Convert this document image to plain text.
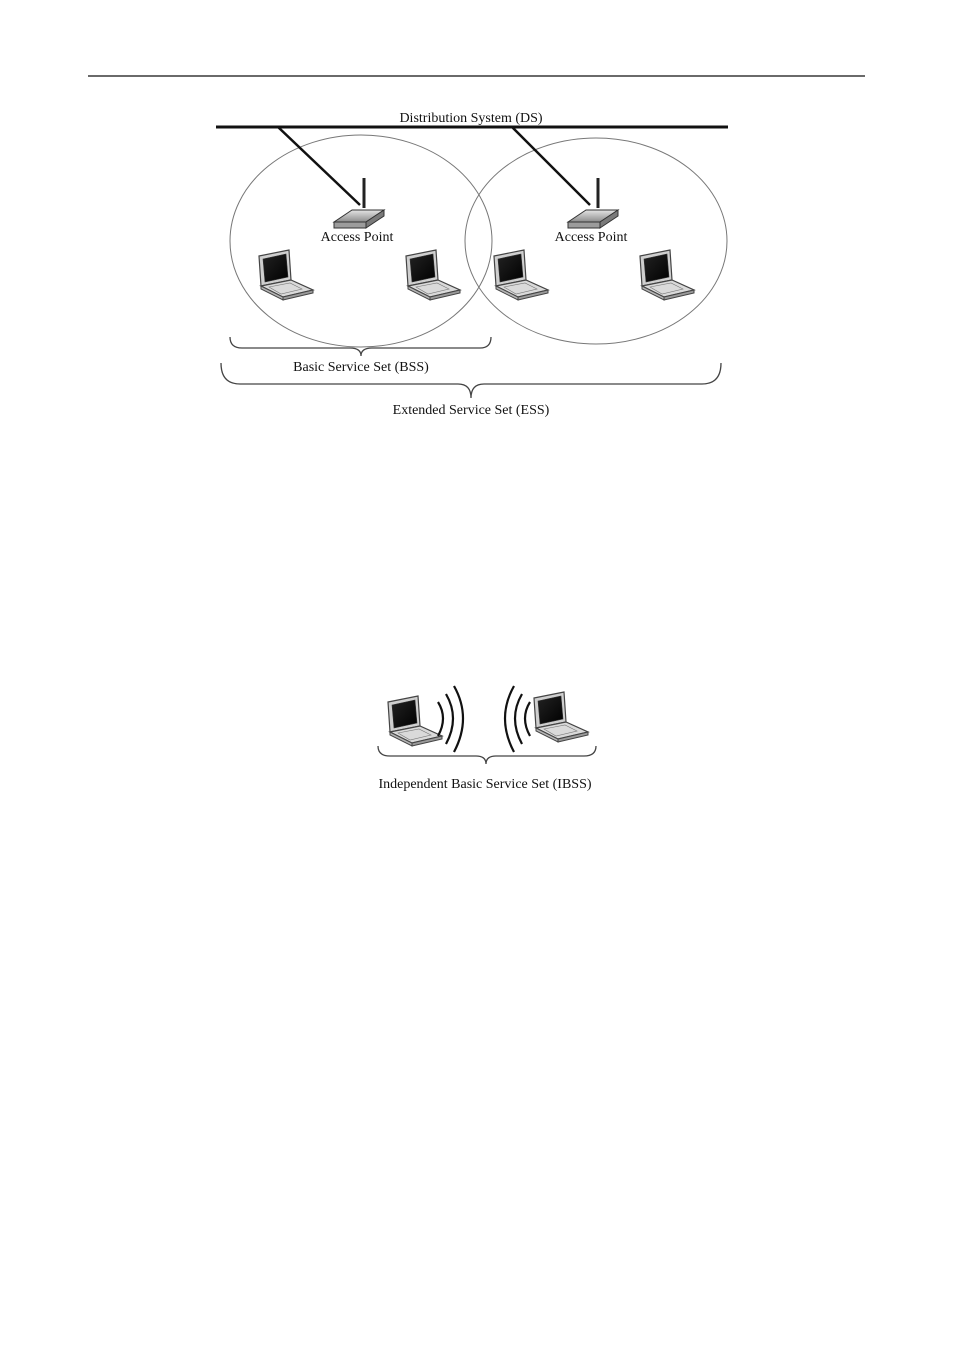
Distribution System (DS)
Access Point	Access Point
Basic Service Set (BSS)
Extended Service Set (ESS)
Independent Basic Service Set (IBSS)
